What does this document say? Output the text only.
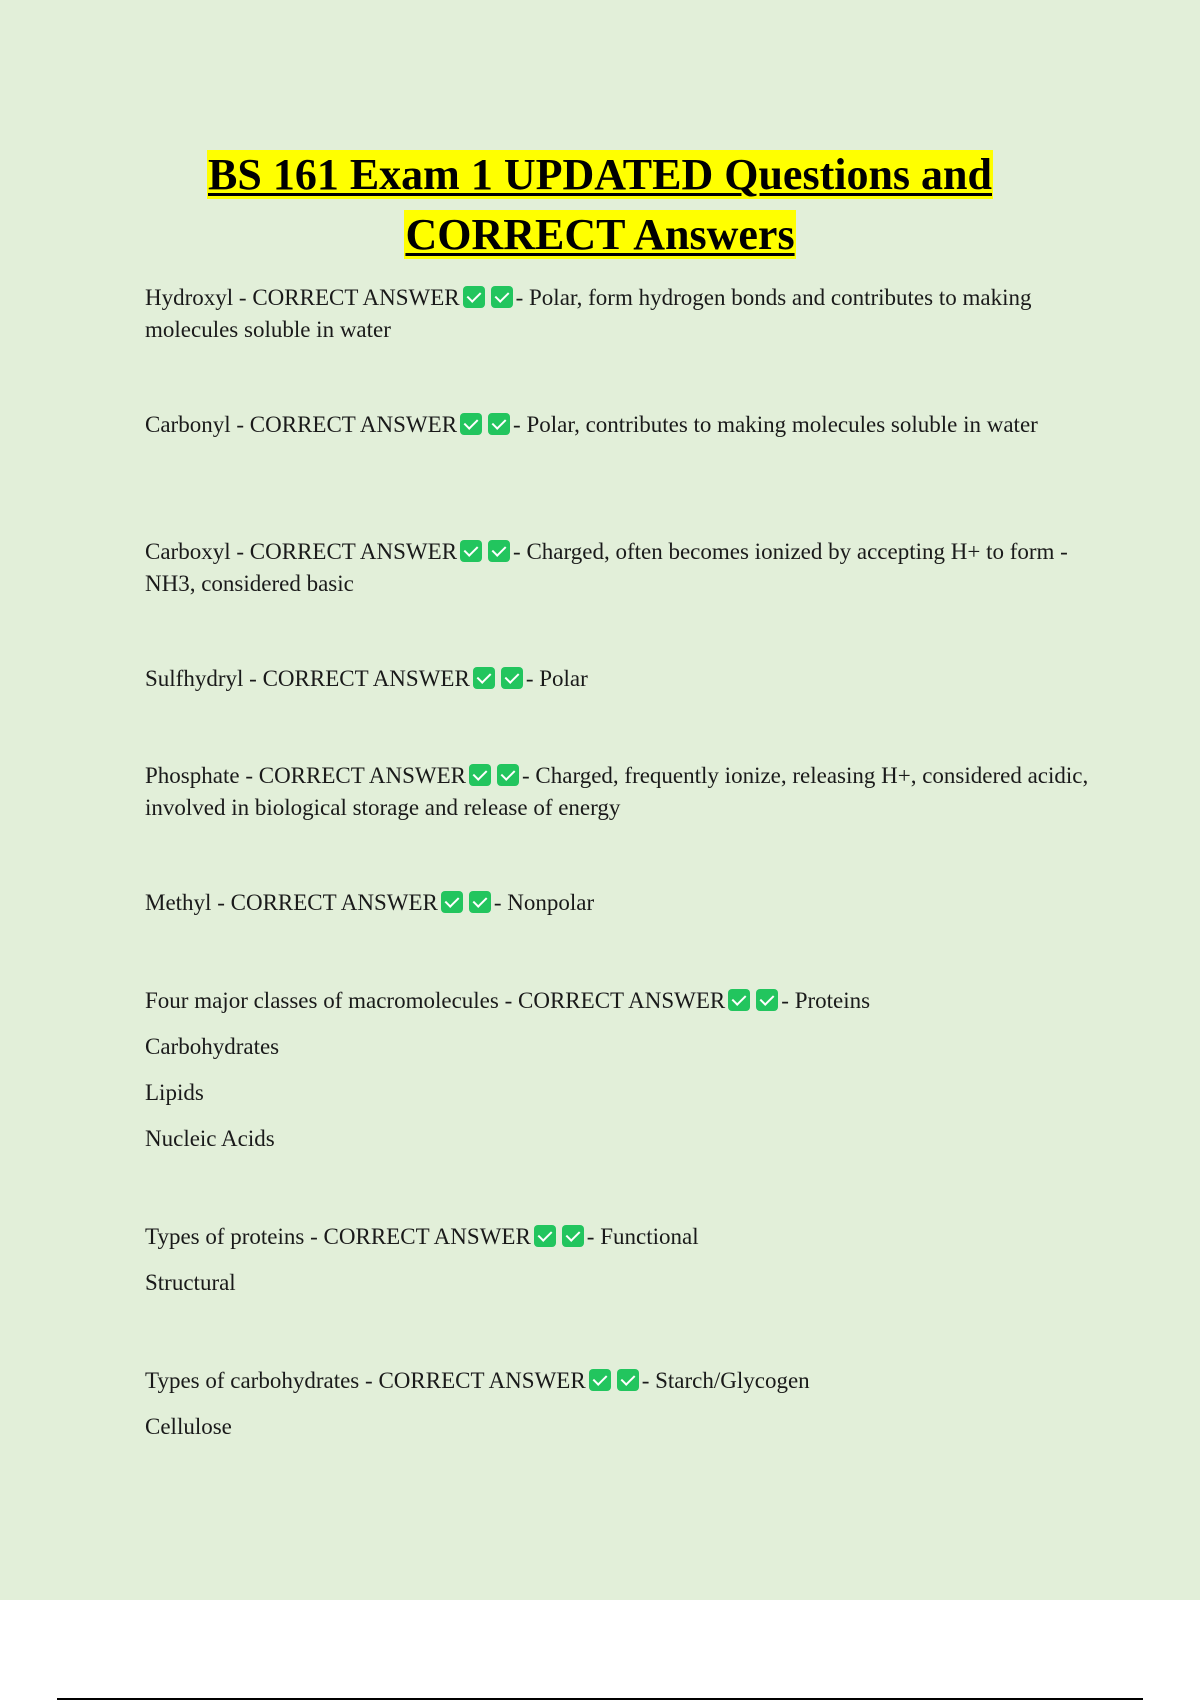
BS 161 Exam 1 UPDATED Questions and
CORRECT Answers
Hydroxyl - CORRECT ANSWER - Polar, form hydrogen bonds and contributes to making molecules soluble in water
Carbonyl - CORRECT ANSWER - Polar, contributes to making molecules soluble in water
Carboxyl - CORRECT ANSWER - Charged, often becomes ionized by accepting H+ to form -NH3, considered basic
Sulfhydryl - CORRECT ANSWER - Polar
Phosphate - CORRECT ANSWER - Charged, frequently ionize, releasing H+, considered acidic, involved in biological storage and release of energy
Methyl - CORRECT ANSWER - Nonpolar
Four major classes of macromolecules - CORRECT ANSWER - Proteins
Carbohydrates
Lipids
Nucleic Acids
Types of proteins - CORRECT ANSWER - Functional
Structural
Types of carbohydrates - CORRECT ANSWER - Starch/Glycogen
Cellulose
